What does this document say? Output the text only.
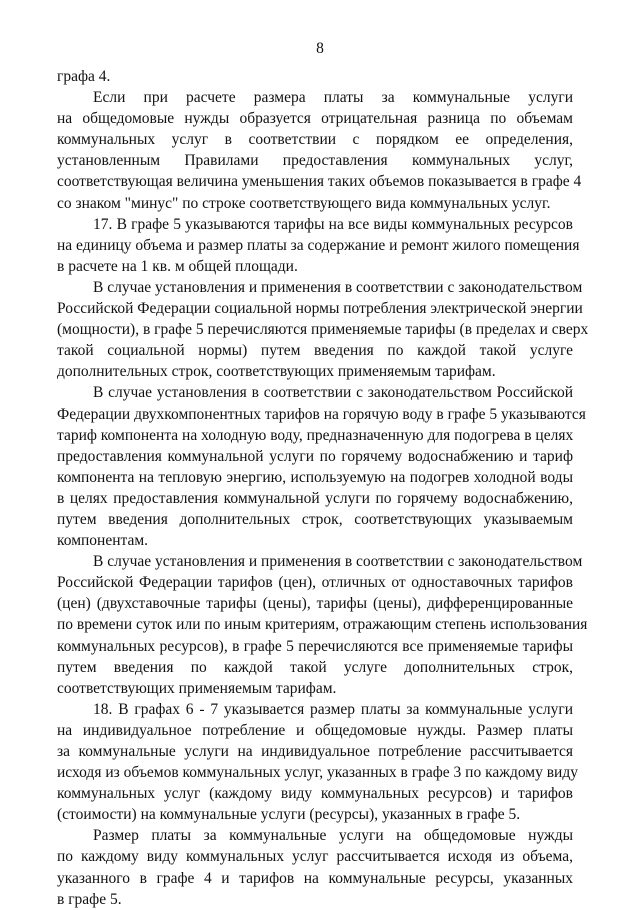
8
графа 4.
Если при расчете размера платы за коммунальные услуги
на общедомовые нужды образуется отрицательная разница по объемам
коммунальных услуг в соответствии с порядком ее определения,
установленным Правилами предоставления коммунальных услуг,
соответствующая величина уменьшения таких объемов показывается в графе 4
со знаком "минус" по строке соответствующего вида коммунальных услуг.
17. В графе 5 указываются тарифы на все виды коммунальных ресурсов
на единицу объема и размер платы за содержание и ремонт жилого помещения
в расчете на 1 кв. м общей площади.
В случае установления и применения в соответствии с законодательством
Российской Федерации социальной нормы потребления электрической энергии
(мощности), в графе 5 перечисляются применяемые тарифы (в пределах и сверх
такой социальной нормы) путем введения по каждой такой услуге
дополнительных строк, соответствующих применяемым тарифам.
В случае установления в соответствии с законодательством Российской
Федерации двухкомпонентных тарифов на горячую воду в графе 5 указываются
тариф компонента на холодную воду, предназначенную для подогрева в целях
предоставления коммунальной услуги по горячему водоснабжению и тариф
компонента на тепловую энергию, используемую на подогрев холодной воды
в целях предоставления коммунальной услуги по горячему водоснабжению,
путем введения дополнительных строк, соответствующих указываемым
компонентам.
В случае установления и применения в соответствии с законодательством
Российской Федерации тарифов (цен), отличных от одноставочных тарифов
(цен) (двухставочные тарифы (цены), тарифы (цены), дифференцированные
по времени суток или по иным критериям, отражающим степень использования
коммунальных ресурсов), в графе 5 перечисляются все применяемые тарифы
путем введения по каждой такой услуге дополнительных строк,
соответствующих применяемым тарифам.
18. В графах 6 - 7 указывается размер платы за коммунальные услуги
на индивидуальное потребление и общедомовые нужды. Размер платы
за коммунальные услуги на индивидуальное потребление рассчитывается
исходя из объемов коммунальных услуг, указанных в графе 3 по каждому виду
коммунальных услуг (каждому виду коммунальных ресурсов) и тарифов
(стоимости) на коммунальные услуги (ресурсы), указанных в графе 5.
Размер платы за коммунальные услуги на общедомовые нужды
по каждому виду коммунальных услуг рассчитывается исходя из объема,
указанного в графе 4 и тарифов на коммунальные ресурсы, указанных
в графе 5.
